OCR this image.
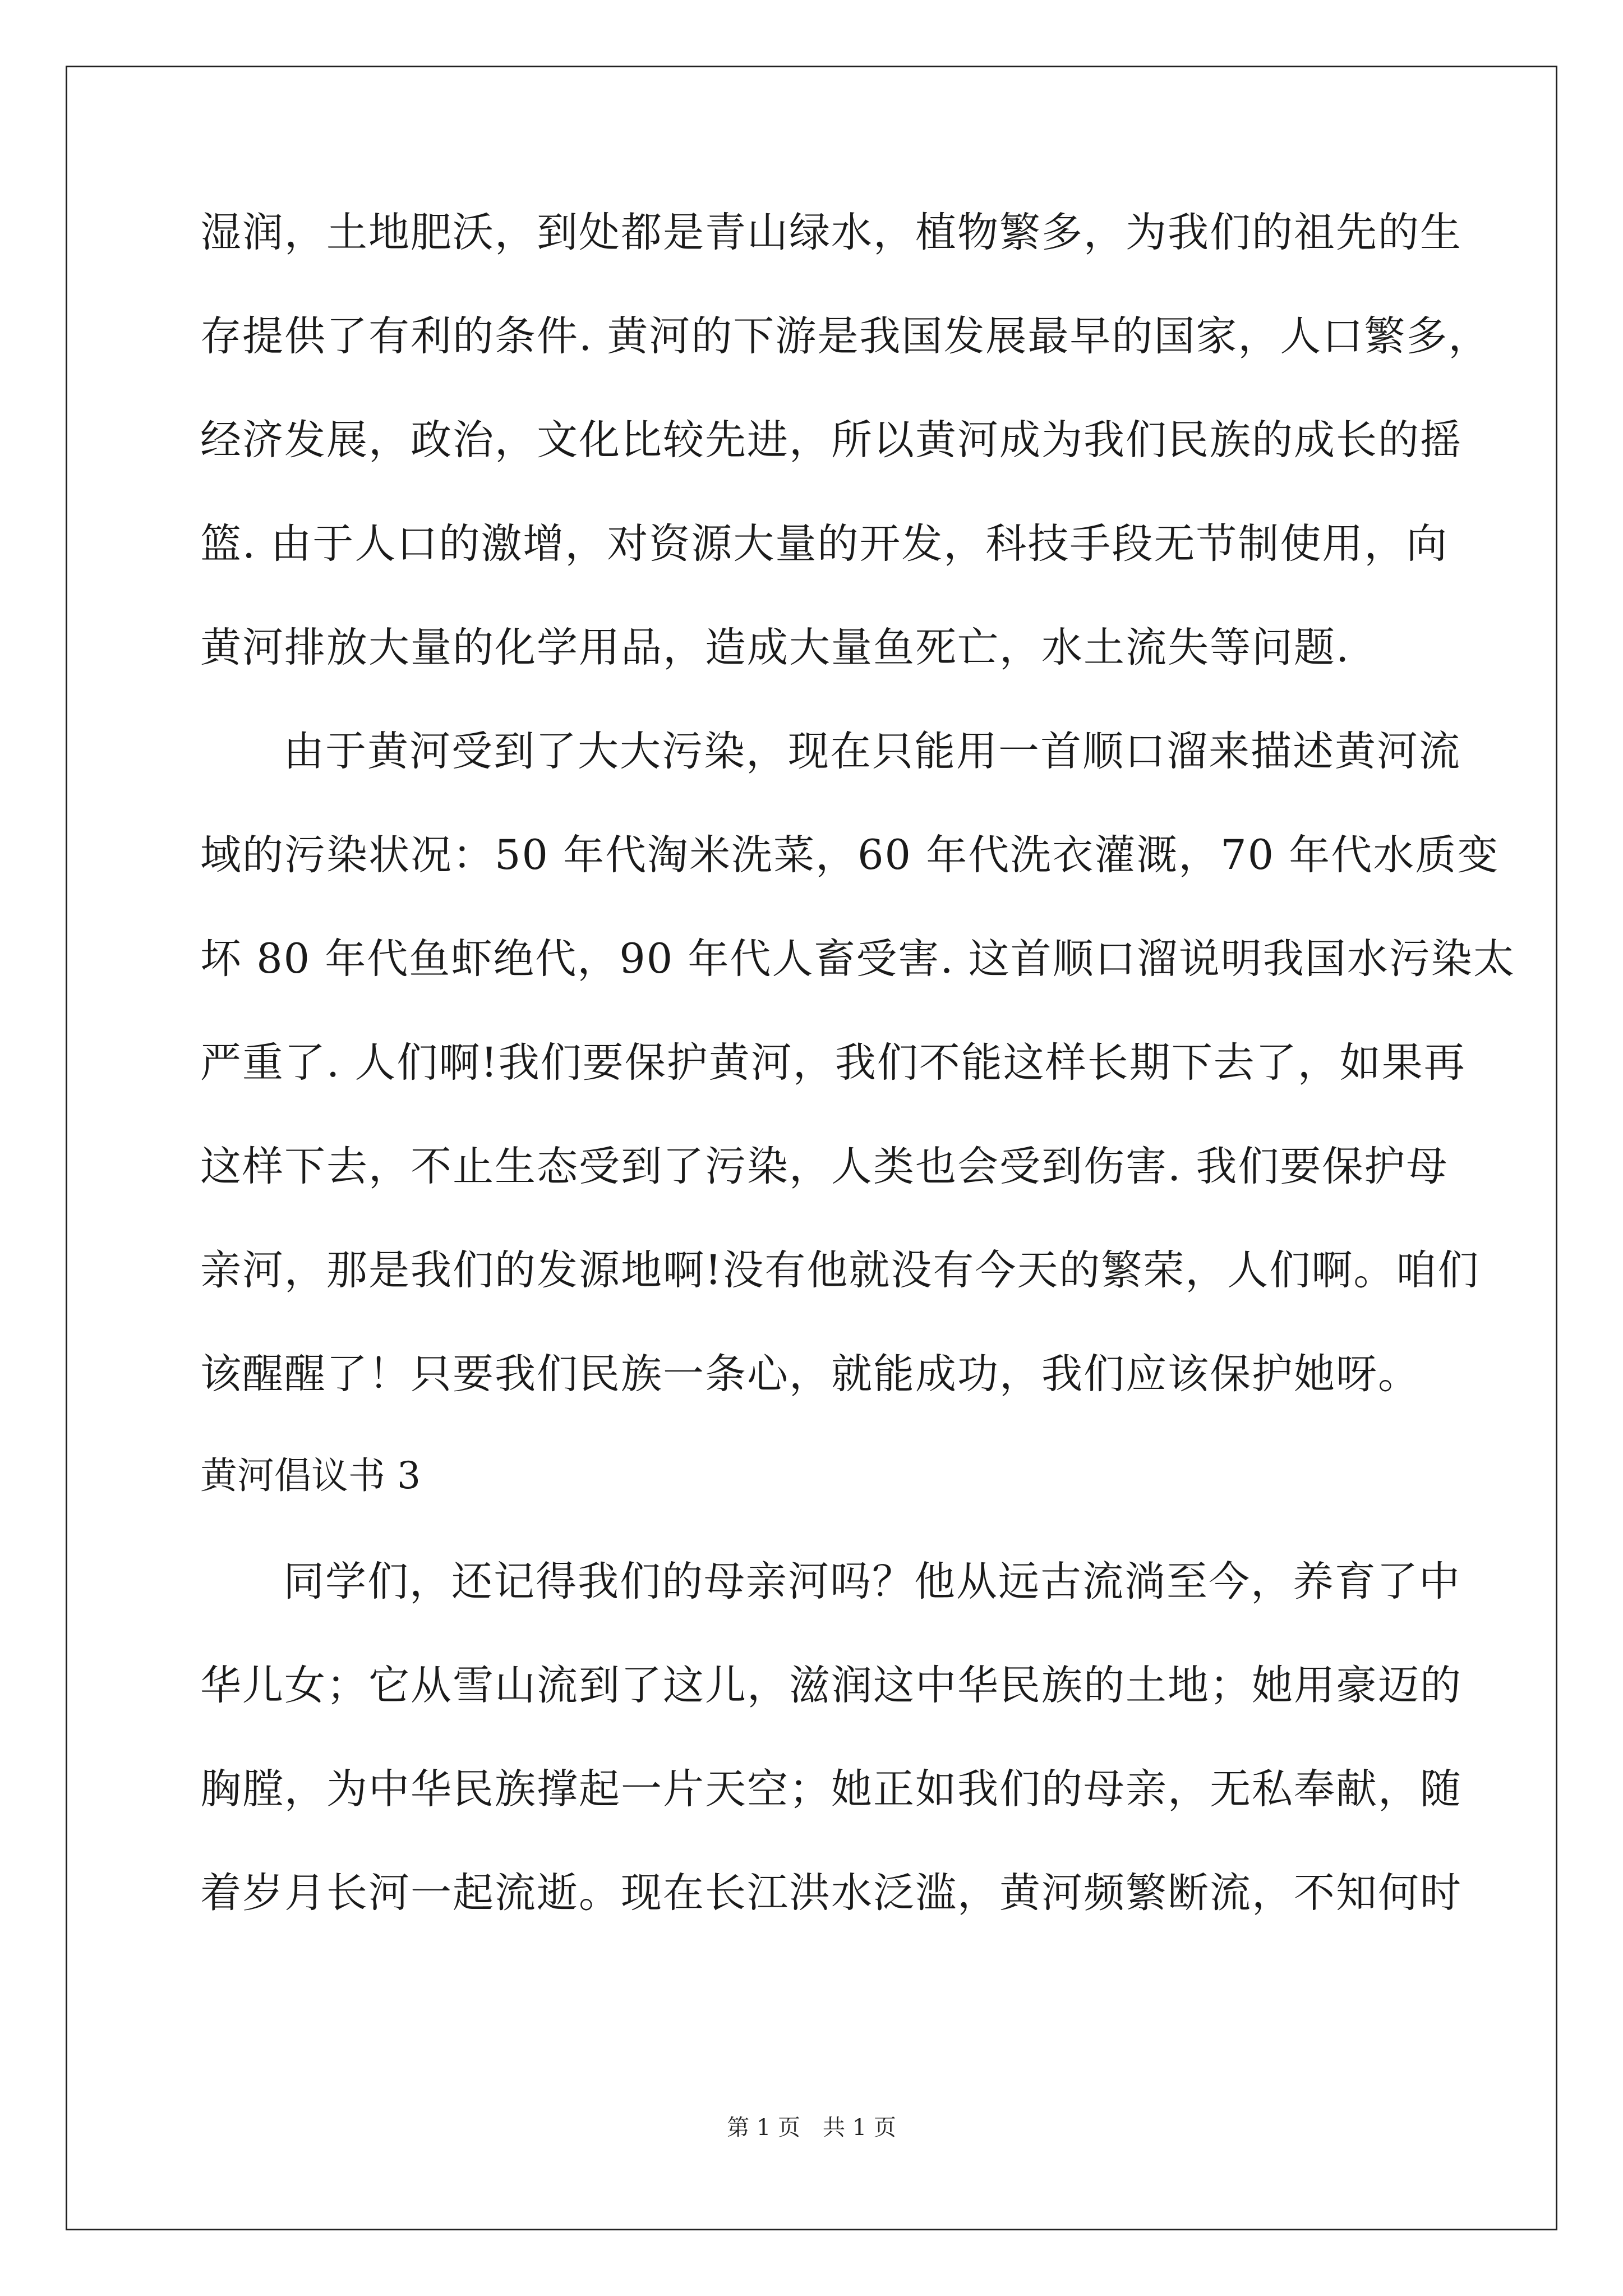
湿润，土地肥沃，到处都是青山绿水，植物繁多，为我们的祖先的生
存提供了有利的条件. 黄河的下游是我国发展最早的国家，人口繁多，
经济发展，政治，文化比较先进，所以黄河成为我们民族的成长的摇
篮. 由于人口的激增，对资源大量的开发，科技手段无节制使用，向
黄河排放大量的化学用品，造成大量鱼死亡，水土流失等问题.
由于黄河受到了大大污染，现在只能用一首顺口溜来描述黄河流
域的污染状况：50 年代淘米洗菜，60 年代洗衣灌溉，70 年代水质变
坏 80 年代鱼虾绝代，90 年代人畜受害. 这首顺口溜说明我国水污染太
严重了. 人们啊!我们要保护黄河，我们不能这样长期下去了，如果再
这样下去，不止生态受到了污染，人类也会受到伤害. 我们要保护母
亲河，那是我们的发源地啊!没有他就没有今天的繁荣，人们啊。咱们
该醒醒了！只要我们民族一条心，就能成功，我们应该保护她呀。
黄河倡议书 3
同学们，还记得我们的母亲河吗？他从远古流淌至今，养育了中
华儿女；它从雪山流到了这儿，滋润这中华民族的土地；她用豪迈的
胸膛，为中华民族撑起一片天空；她正如我们的母亲，无私奉献，随
着岁月长河一起流逝。现在长江洪水泛滥，黄河频繁断流，不知何时
第 1 页　共 1 页
